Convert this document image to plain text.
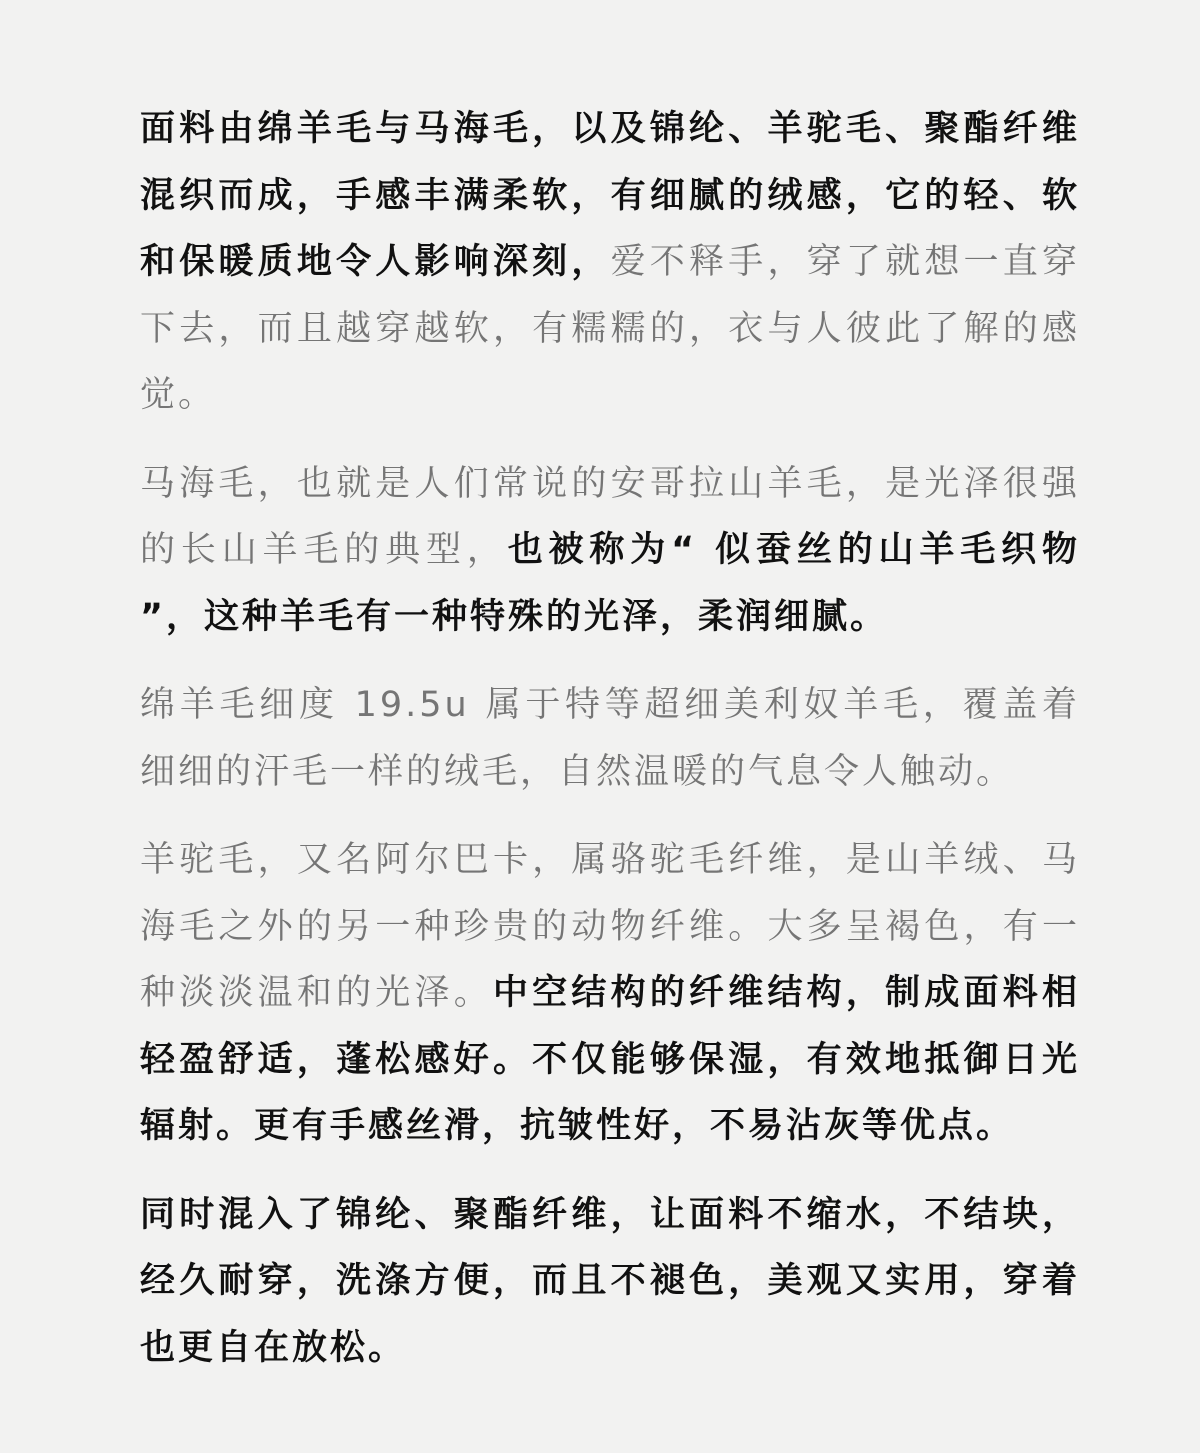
面料由绵羊毛与马海毛，以及锦纶、羊驼毛、聚酯纤维混织而成，手感丰满柔软，有细腻的绒感，它的轻、软和保暖质地令人影响深刻，爱不释手，穿了就想一直穿下去，而且越穿越软，有糯糯的，衣与人彼此了解的感觉。

马海毛，也就是人们常说的安哥拉山羊毛，是光泽很强的长山羊毛的典型，也被称为“ 似蚕丝的山羊毛织物 ”，这种羊毛有一种特殊的光泽，柔润细腻。

绵羊毛细度 19.5u 属于特等超细美利奴羊毛，覆盖着细细的汗毛一样的绒毛，自然温暖的气息令人触动。

羊驼毛，又名阿尔巴卡，属骆驼毛纤维，是山羊绒、马海毛之外的另一种珍贵的动物纤维。大多呈褐色，有一种淡淡温和的光泽。中空结构的纤维结构，制成面料相轻盈舒适，蓬松感好。不仅能够保湿，有效地抵御日光辐射。更有手感丝滑，抗皱性好，不易沾灰等优点。

同时混入了锦纶、聚酯纤维，让面料不缩水，不结块，经久耐穿，洗涤方便，而且不褪色，美观又实用，穿着也更自在放松。
